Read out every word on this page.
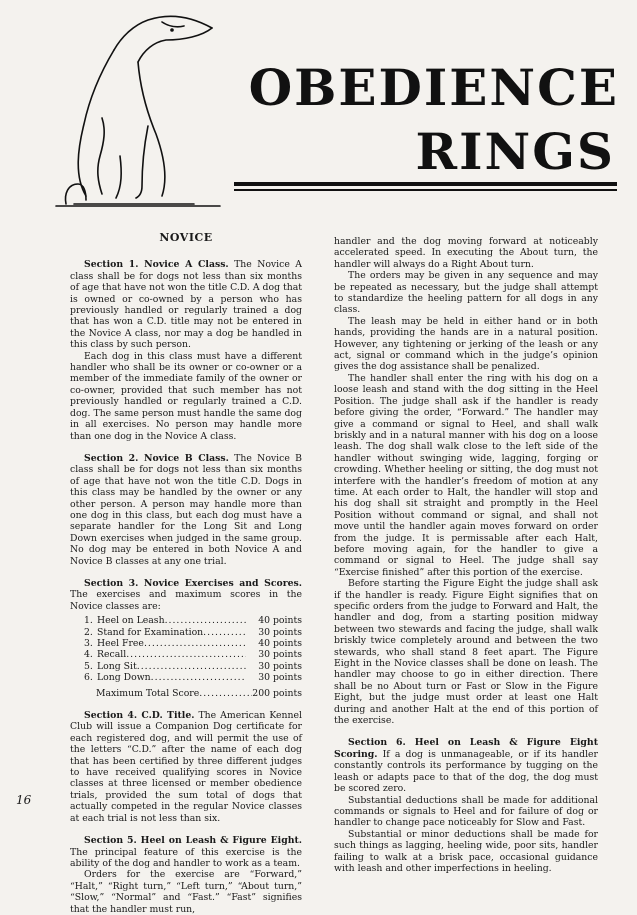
OBEDIENCE
RINGS
NOVICE

Section 1. Novice A Class. The Novice A class shall be for dogs not less than six months of age that have not won the title C.D. A dog that is owned or co-owned by a person who has previously handled or regularly trained a dog that has won a C.D. title may not be entered in the Novice A class, nor may a dog be handled in this class by such person.

Each dog in this class must have a different handler who shall be its owner or co-owner or a member of the immediate family of the owner or co-owner, provided that such member has not previously handled or regularly trained a C.D. dog. The same person must handle the same dog in all exercises. No person may handle more than one dog in the Novice A class.

Section 2. Novice B Class. The Novice B class shall be for dogs not less than six months of age that have not won the title C.D. Dogs in this class may be handled by the owner or any other person. A person may handle more than one dog in this class, but each dog must have a separate handler for the Long Sit and Long Down exercises when judged in the same group. No dog may be entered in both Novice A and Novice B classes at any one trial.

Section 3. Novice Exercises and Scores. The exercises and maximum scores in the Novice classes are:

1. Heel on Leash .....	40 points
2. Stand for Examination .....	30 points
3. Heel Free .....	40 points
4. Recall .....	30 points
5. Long Sit .....	30 points
6. Long Down .....	30 points
Maximum Total Score .....	200 points

Section 4. C.D. Title. The American Kennel Club will issue a Companion Dog certificate for each registered dog, and will permit the use of the letters “C.D.” after the name of each dog that has been certified by three different judges to have received qualifying scores in Novice classes at three licensed or member obedience trials, provided the sum total of dogs that actually competed in the regular Novice classes at each trial is not less than six.

Section 5. Heel on Leash & Figure Eight. The principal feature of this exercise is the ability of the dog and handler to work as a team.

Orders for the exercise are “Forward,” “Halt,” “Right turn,” “Left turn,” “About turn,” “Slow,” “Normal” and “Fast.” “Fast” signifies that the handler must run,

handler and the dog moving forward at noticeably accelerated speed. In executing the About turn, the handler will always do a Right About turn.

The orders may be given in any sequence and may be repeated as necessary, but the judge shall attempt to standardize the heeling pattern for all dogs in any class.

The leash may be held in either hand or in both hands, providing the hands are in a natural position. However, any tightening or jerking of the leash or any act, signal or command which in the judge’s opinion gives the dog assistance shall be penalized.

The handler shall enter the ring with his dog on a loose leash and stand with the dog sitting in the Heel Position. The judge shall ask if the handler is ready before giving the order, “Forward.” The handler may give a command or signal to Heel, and shall walk briskly and in a natural manner with his dog on a loose leash. The dog shall walk close to the left side of the handler without swinging wide, lagging, forging or crowding. Whether heeling or sitting, the dog must not interfere with the handler’s freedom of motion at any time. At each order to Halt, the handler will stop and his dog shall sit straight and promptly in the Heel Position without command or signal, and shall not move until the handler again moves forward on order from the judge. It is permissable after each Halt, before moving again, for the handler to give a command or signal to Heel. The judge shall say “Exercise finished” after this portion of the exercise.

Before starting the Figure Eight the judge shall ask if the handler is ready. Figure Eight signifies that on specific orders from the judge to Forward and Halt, the handler and dog, from a starting position midway between two stewards and facing the judge, shall walk briskly twice completely around and between the two stewards, who shall stand 8 feet apart. The Figure Eight in the Novice classes shall be done on leash. The handler may choose to go in either direction. There shall be no About turn or Fast or Slow in the Figure Eight, but the judge must order at least one Halt during and another Halt at the end of this portion of the exercise.

Section 6. Heel on Leash & Figure Eight Scoring. If a dog is unmanageable, or if its handler constantly controls its performance by tugging on the leash or adapts pace to that of the dog, the dog must be scored zero.

Substantial deductions shall be made for additional commands or signals to Heel and for failure of dog or handler to change pace noticeably for Slow and Fast.

Substantial or minor deductions shall be made for such things as lagging, heeling wide, poor sits, handler failing to walk at a brisk pace, occasional guidance with leash and other imperfections in heeling.

16
